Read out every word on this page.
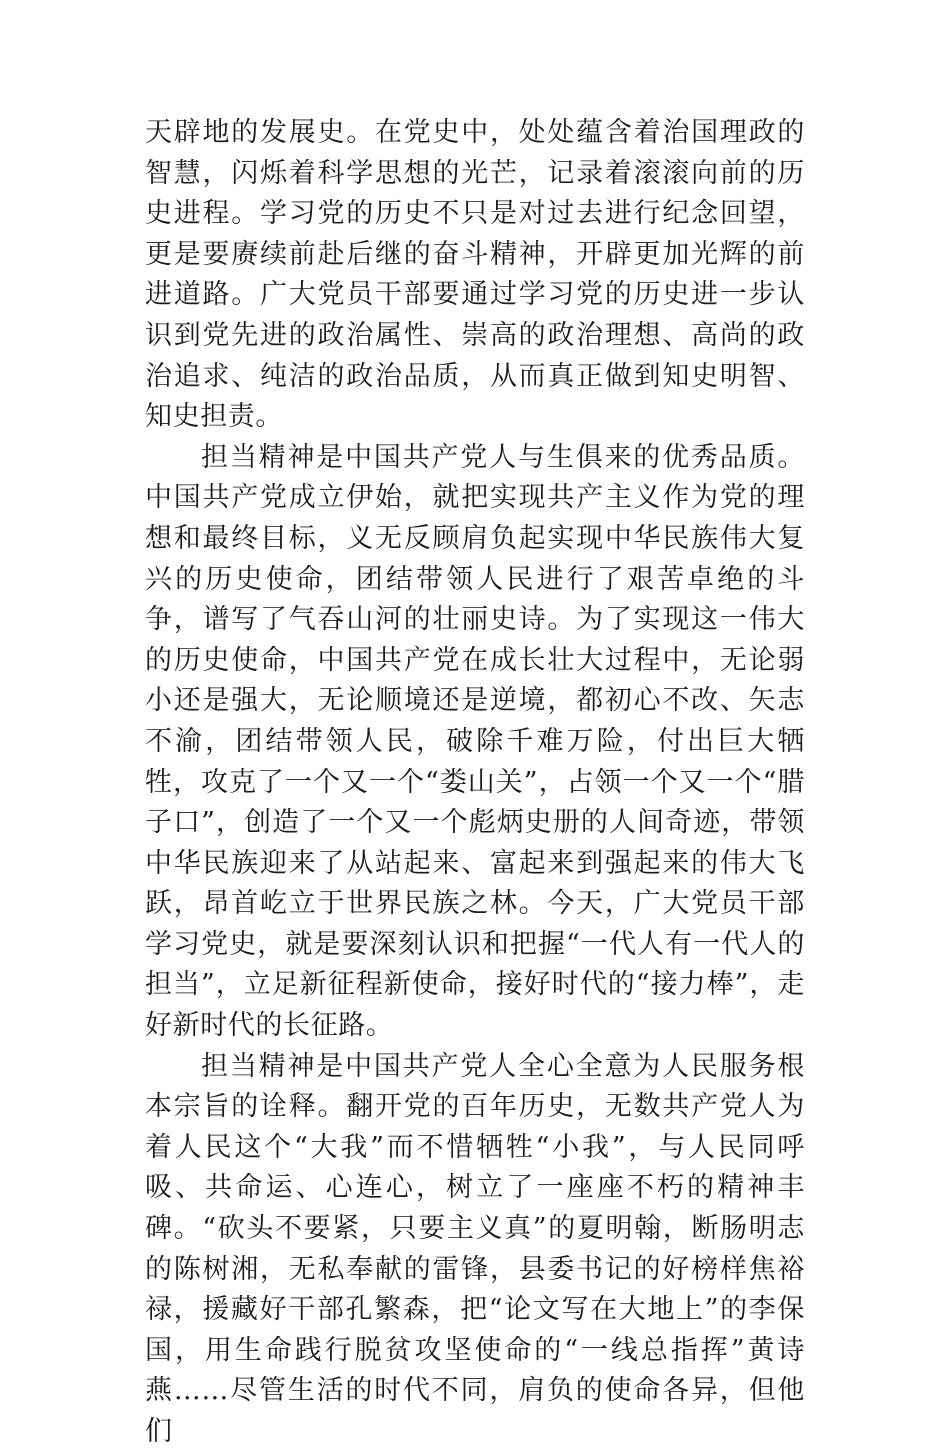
天辟地的发展史。在党史中，处处蕴含着治国理政的智慧，闪烁着科学思想的光芒，记录着滚滚向前的历史进程。学习党的历史不只是对过去进行纪念回望，更是要赓续前赴后继的奋斗精神，开辟更加光辉的前进道路。广大党员干部要通过学习党的历史进一步认识到党先进的政治属性、崇高的政治理想、高尚的政治追求、纯洁的政治品质，从而真正做到知史明智、知史担责。

担当精神是中国共产党人与生俱来的优秀品质。中国共产党成立伊始，就把实现共产主义作为党的理想和最终目标，义无反顾肩负起实现中华民族伟大复兴的历史使命，团结带领人民进行了艰苦卓绝的斗争，谱写了气吞山河的壮丽史诗。为了实现这一伟大的历史使命，中国共产党在成长壮大过程中，无论弱小还是强大，无论顺境还是逆境，都初心不改、矢志不渝，团结带领人民，破除千难万险，付出巨大牺牲，攻克了一个又一个“娄山关”，占领一个又一个“腊子口”，创造了一个又一个彪炳史册的人间奇迹，带领中华民族迎来了从站起来、富起来到强起来的伟大飞跃，昂首屹立于世界民族之林。今天，广大党员干部学习党史，就是要深刻认识和把握“一代人有一代人的担当”，立足新征程新使命，接好时代的“接力棒”，走好新时代的长征路。

担当精神是中国共产党人全心全意为人民服务根本宗旨的诠释。翻开党的百年历史，无数共产党人为着人民这个“大我”而不惜牺牲“小我”，与人民同呼吸、共命运、心连心，树立了一座座不朽的精神丰碑。“砍头不要紧，只要主义真”的夏明翰，断肠明志的陈树湘，无私奉献的雷锋，县委书记的好榜样焦裕禄，援藏好干部孔繁森，把“论文写在大地上”的李保国，用生命践行脱贫攻坚使命的“一线总指挥”黄诗燕……尽管生活的时代不同，肩负的使命各异，但他们
